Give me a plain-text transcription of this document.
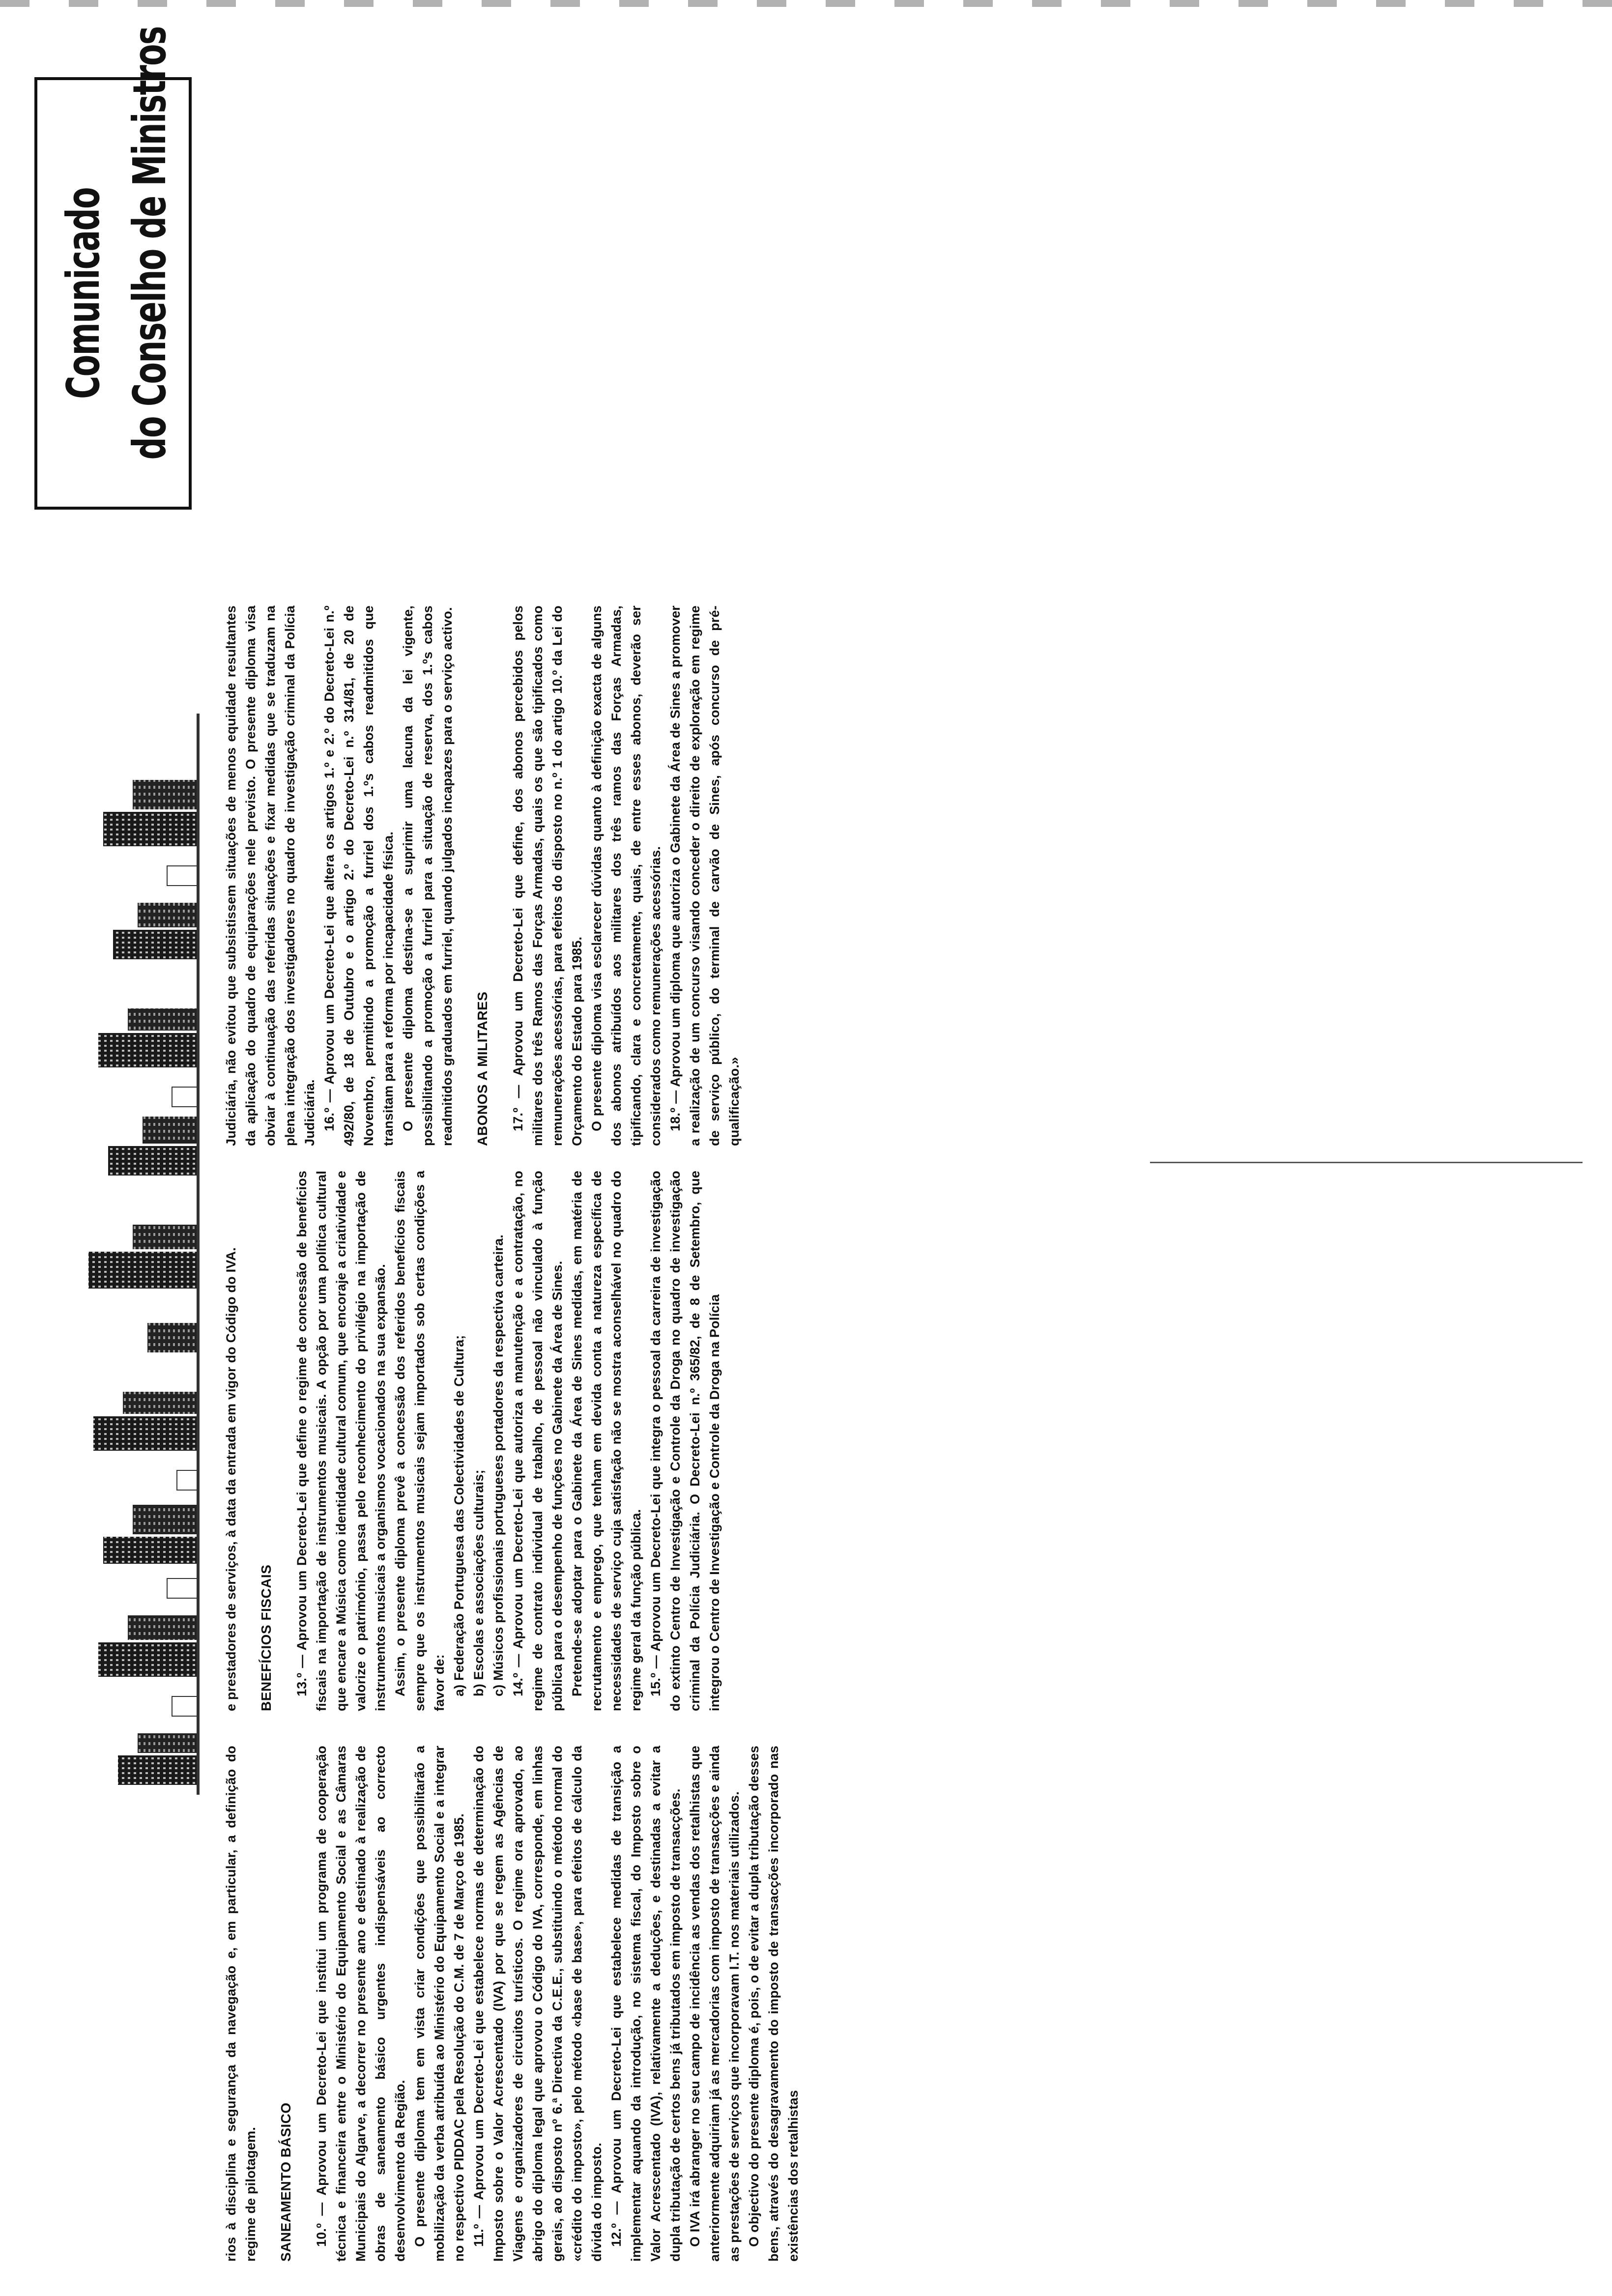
Comunicado do Conselho de Ministros

rios à disciplina e segurança da navegação e, em particular, a definição do regime de pilotagem. SANEAMENTO BÁSICO 10.º — Aprovou um Decreto-Lei que institui um programa de cooperação técnica e financeira entre o Ministério do Equipamento Social e as Câmaras Municipais do Algarve, a decorrer no presente ano e destinado à realização de obras de saneamento básico urgentes indispensáveis ao correcto desenvolvimento da Região. O presente diploma tem em vista criar condições que possibilitarão a mobilização da verba atribuída ao Ministério do Equipamento Social e a integrar no respectivo PIDDAC pela Resolução do C.M. de 7 de Março de 1985. 11.º — Aprovou um Decreto-Lei que estabelece normas de determinação do Imposto sobre o Valor Acrescentado (IVA) por que se regem as Agências de Viagens e organizadores de circuitos turísticos. O regime ora aprovado, ao abrigo do diploma legal que aprovou o Código do IVA, corresponde, em linhas gerais, ao disposto nº 6.ª Directiva da C.E.E., substituindo o método normal do «crédito do imposto», pelo método «base de base», para efeitos de cálculo da dívida do imposto. 12.º — Aprovou um Decreto-Lei que estabelece medidas de transição a implementar aquando da introdução, no sistema fiscal, do Imposto sobre o Valor Acrescentado (IVA), relativamente a deduções, e destinadas a evitar a dupla tributação de certos bens já tributados em imposto de transacções. O IVA irá abranger no seu campo de incidência as vendas dos retalhistas que anteriormente adquiriam já as mercadorias com imposto de transacções e ainda as prestações de serviços que incorporavam I.T. nos materiais utilizados. O objectivo do presente diploma é, pois, o de evitar a dupla tributação desses bens, através do desagravamento do imposto de transacções incorporado nas existências dos retalhistas

e prestadores de serviços, à data da entrada em vigor do Código do IVA. BENEFÍCIOS FISCAIS 13.º — Aprovou um Decreto-Lei que define o regime de concessão de benefícios fiscais na importação de instrumentos musicais. A opção por uma política cultural que encare a Música como identidade cultural comum, que encoraje a criatividade e valorize o património, passa pelo reconhecimento do privilégio na importação de instrumentos musicais a organismos vocacionados na sua expansão. Assim, o presente diploma prevê a concessão dos referidos benefícios fiscais sempre que os instrumentos musicais sejam importados sob certas condições a favor de: a) Federação Portuguesa das Colectividades de Cultura; b) Escolas e associações culturais; c) Músicos profissionais portugueses portadores da respectiva carteira. 14.º — Aprovou um Decreto-Lei que autoriza a manutenção e a contratação, no regime de contrato individual de trabalho, de pessoal não vinculado à função pública para o desempenho de funções no Gabinete da Área de Sines. Pretende-se adoptar para o Gabinete da Área de Sines medidas, em matéria de recrutamento e emprego, que tenham em devida conta a natureza específica de necessidades de serviço cuja satisfação não se mostra aconselhável no quadro do regime geral da função pública. 15.º — Aprovou um Decreto-Lei que integra o pessoal da carreira de investigação do extinto Centro de Investigação e Controle da Droga no quadro de investigação criminal da Polícia Judiciária. O Decreto-Lei n.º 365/82, de 8 de Setembro, que integrou o Centro de Investigação e Controle da Droga na Polícia

Judiciária, não evitou que subsistissem situações de menos equidade resultantes da aplicação do quadro de equiparações nele previsto. O presente diploma visa obviar à continuação das referidas situações e fixar medidas que se traduzam na plena integração dos investigadores no quadro de investigação criminal da Polícia Judiciária. 16.º — Aprovou um Decreto-Lei que altera os artigos 1.º e 2.º do Decreto-Lei n.º 492/80, de 18 de Outubro e o artigo 2.º do Decreto-Lei n.º 314/81, de 20 de Novembro, permitindo a promoção a furriel dos 1.ºs cabos readmitidos que transitam para a reforma por incapacidade física. O presente diploma destina-se a suprimir uma lacuna da lei vigente, possibilitando a promoção a furriel para a situação de reserva, dos 1.ºs cabos readmitidos graduados em furriel, quando julgados incapazes para o serviço activo. ABONOS A MILITARES 17.º — Aprovou um Decreto-Lei que define, dos abonos percebidos pelos militares dos três Ramos das Forças Armadas, quais os que são tipificados como remunerações acessórias, para efeitos do disposto no n.º 1 do artigo 10.º da Lei do Orçamento do Estado para 1985. O presente diploma visa esclarecer dúvidas quanto à definição exacta de alguns dos abonos atribuídos aos militares dos três ramos das Forças Armadas, tipificando, clara e concretamente, quais, de entre esses abonos, deverão ser considerados como remunerações acessórias. 18.º — Aprovou um diploma que autoriza o Gabinete da Área de Sines a promover a realização de um concurso visando conceder o direito de exploração em regime de serviço público, do terminal de carvão de Sines, após concurso de pré-qualificação.»
